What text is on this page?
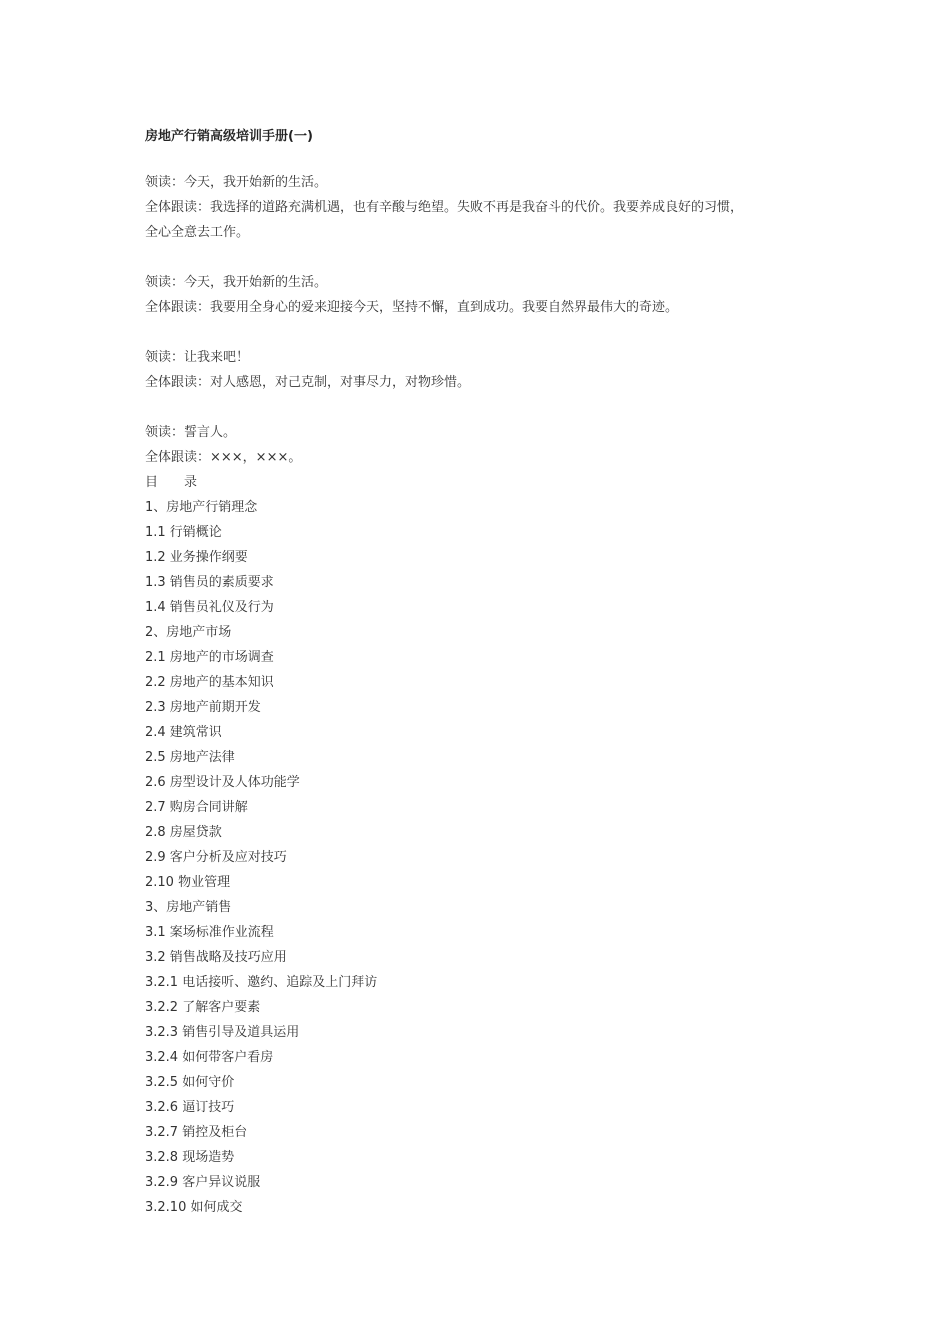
房地产行销高级培训手册(一)

领读：今天，我开始新的生活。

全体跟读：我选择的道路充满机遇，也有辛酸与绝望。失败不再是我奋斗的代价。我要养成良好的习惯，

全心全意去工作。

领读：今天，我开始新的生活。

全体跟读：我要用全身心的爱来迎接今天，坚持不懈，直到成功。我要自然界最伟大的奇迹。

领读：让我来吧！

全体跟读：对人感恩，对己克制，对事尽力，对物珍惜。

领读：誓言人。

全体跟读：×××，×××。

目 录
1、房地产行销理念
1.1 行销概论
1.2 业务操作纲要
1.3 销售员的素质要求
1.4 销售员礼仪及行为
2、房地产市场
2.1 房地产的市场调查
2.2 房地产的基本知识
2.3 房地产前期开发
2.4 建筑常识
2.5 房地产法律
2.6 房型设计及人体功能学
2.7 购房合同讲解
2.8 房屋贷款
2.9 客户分析及应对技巧
2.10 物业管理
3、房地产销售
3.1 案场标准作业流程
3.2 销售战略及技巧应用
3.2.1 电话接听、邀约、追踪及上门拜访
3.2.2 了解客户要素
3.2.3 销售引导及道具运用
3.2.4 如何带客户看房
3.2.5 如何守价
3.2.6 逼订技巧
3.2.7 销控及柜台
3.2.8 现场造势
3.2.9 客户异议说服
3.2.10 如何成交
